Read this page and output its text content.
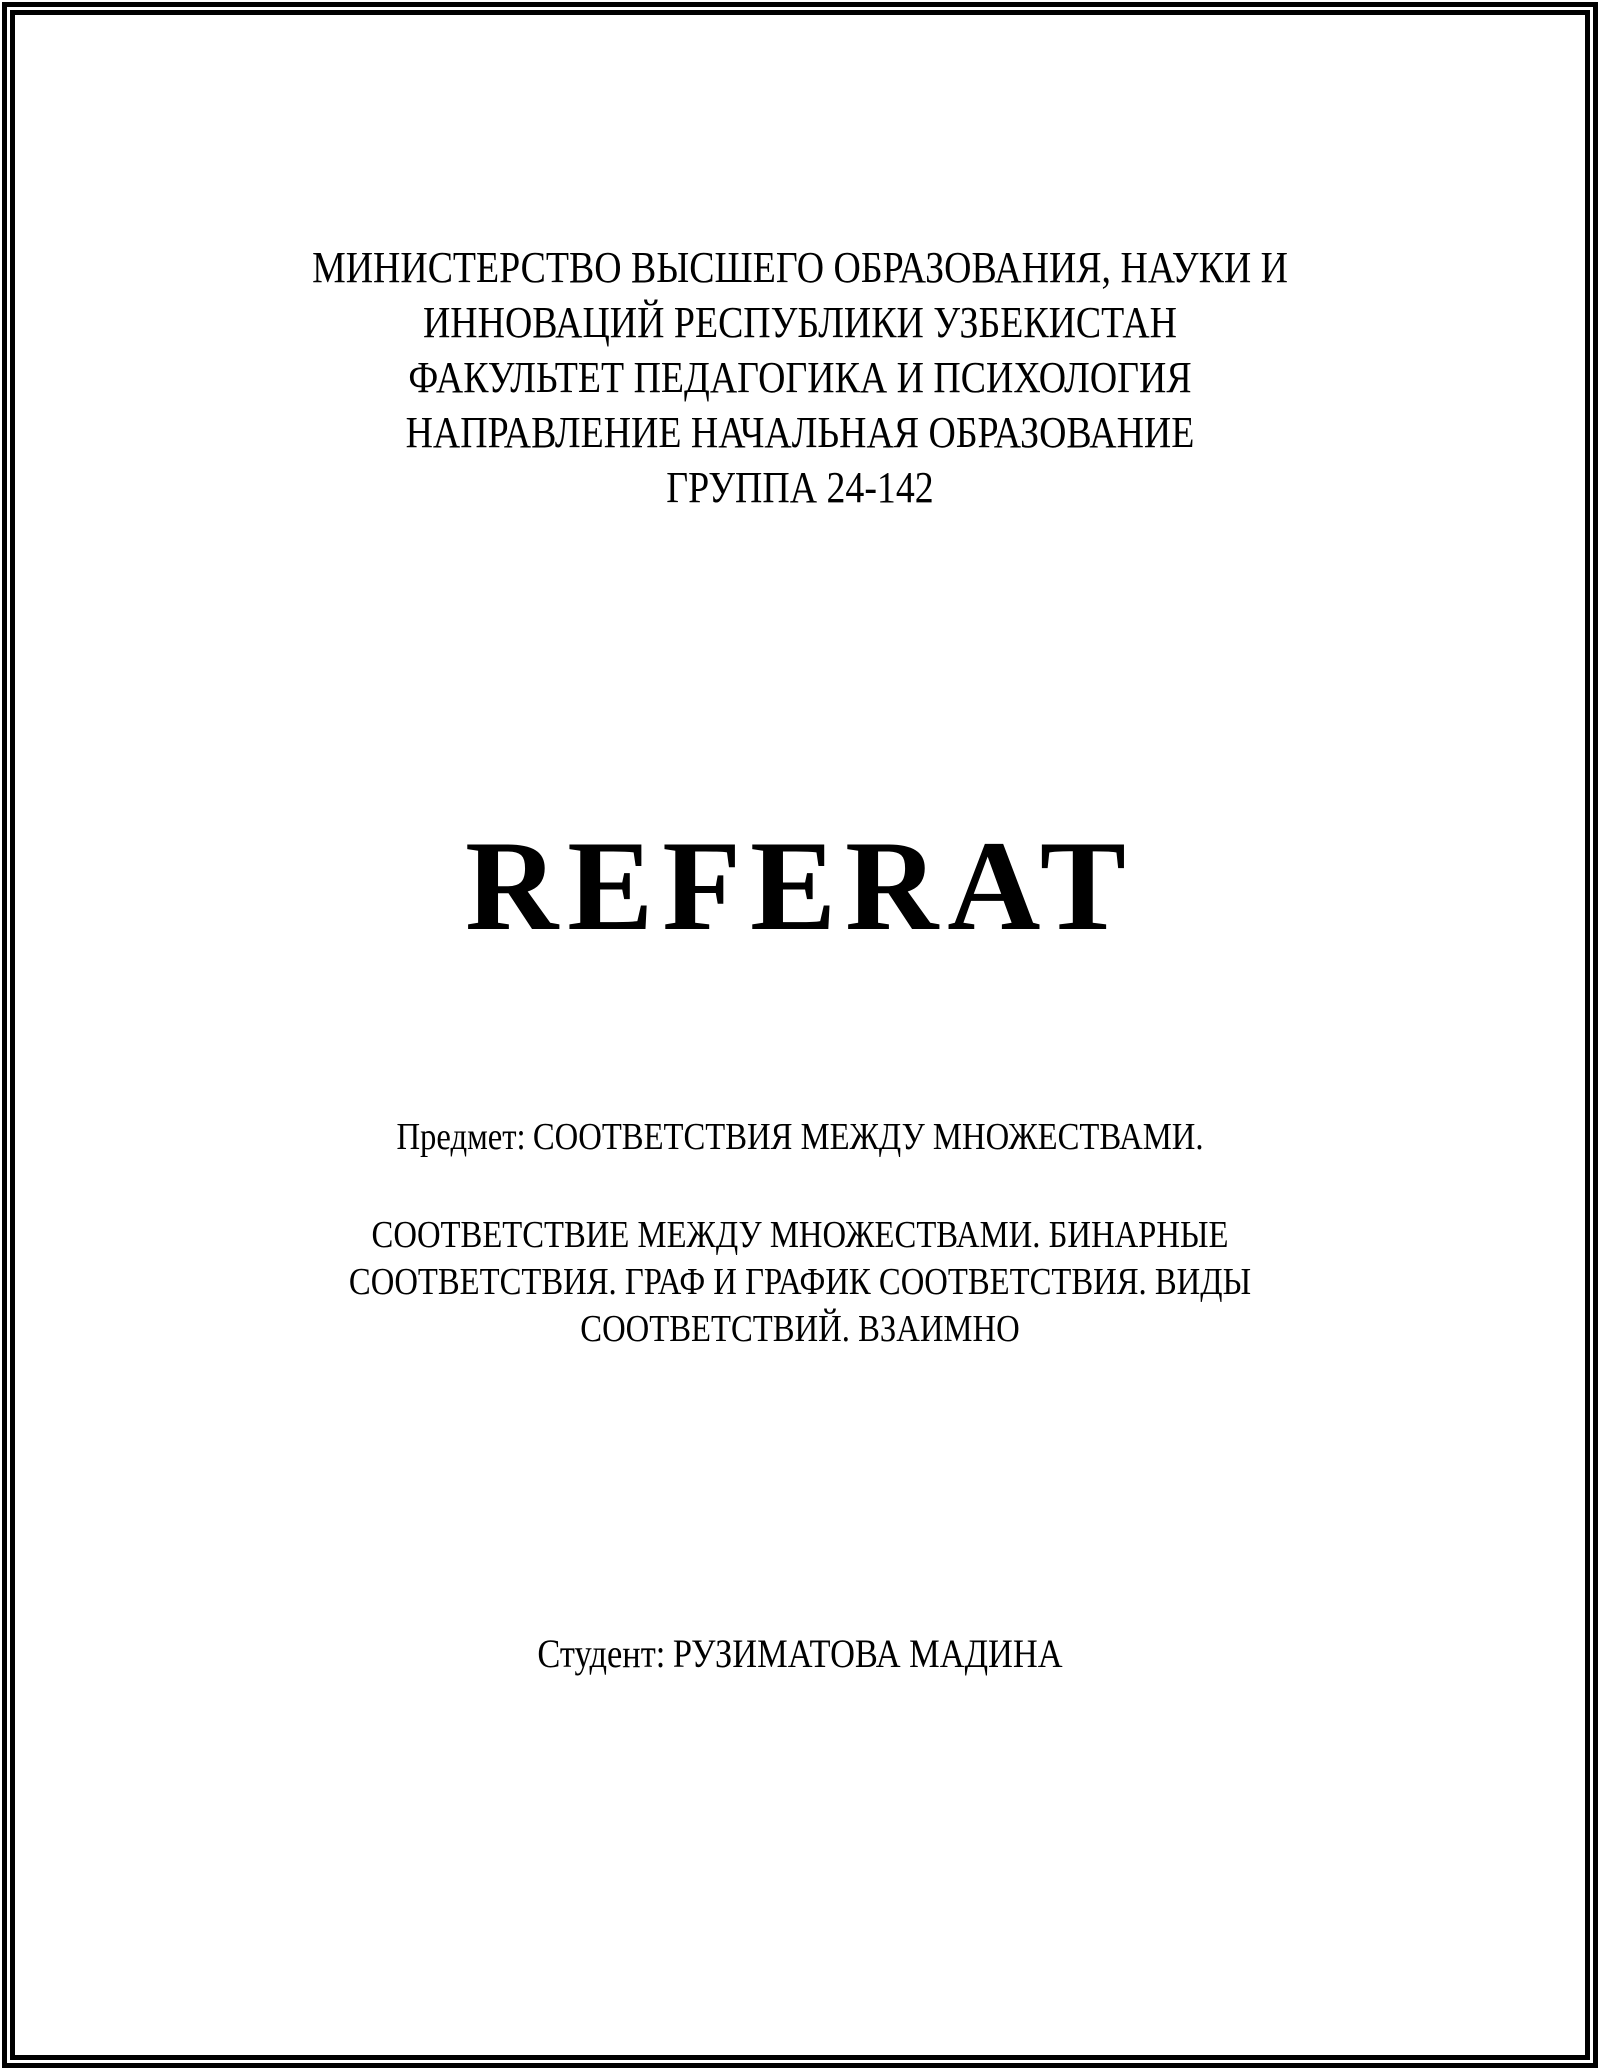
МИНИСТЕРСТВО ВЫСШЕГО ОБРАЗОВАНИЯ, НАУКИ И
ИННОВАЦИЙ РЕСПУБЛИКИ УЗБЕКИСТАН
ФАКУЛЬТЕТ ПЕДАГОГИКА И ПСИХОЛОГИЯ
НАПРАВЛЕНИЕ НАЧАЛЬНАЯ ОБРАЗОВАНИЕ
ГРУППА 24-142
REFERAT
Предмет: СООТВЕТСТВИЯ МЕЖДУ МНОЖЕСТВАМИ.
СООТВЕТСТВИЕ МЕЖДУ МНОЖЕСТВАМИ. БИНАРНЫЕ
СООТВЕТСТВИЯ. ГРАФ И ГРАФИК СООТВЕТСТВИЯ. ВИДЫ
СООТВЕТСТВИЙ. ВЗАИМНО
Студент: РУЗИМАТОВА МАДИНА
